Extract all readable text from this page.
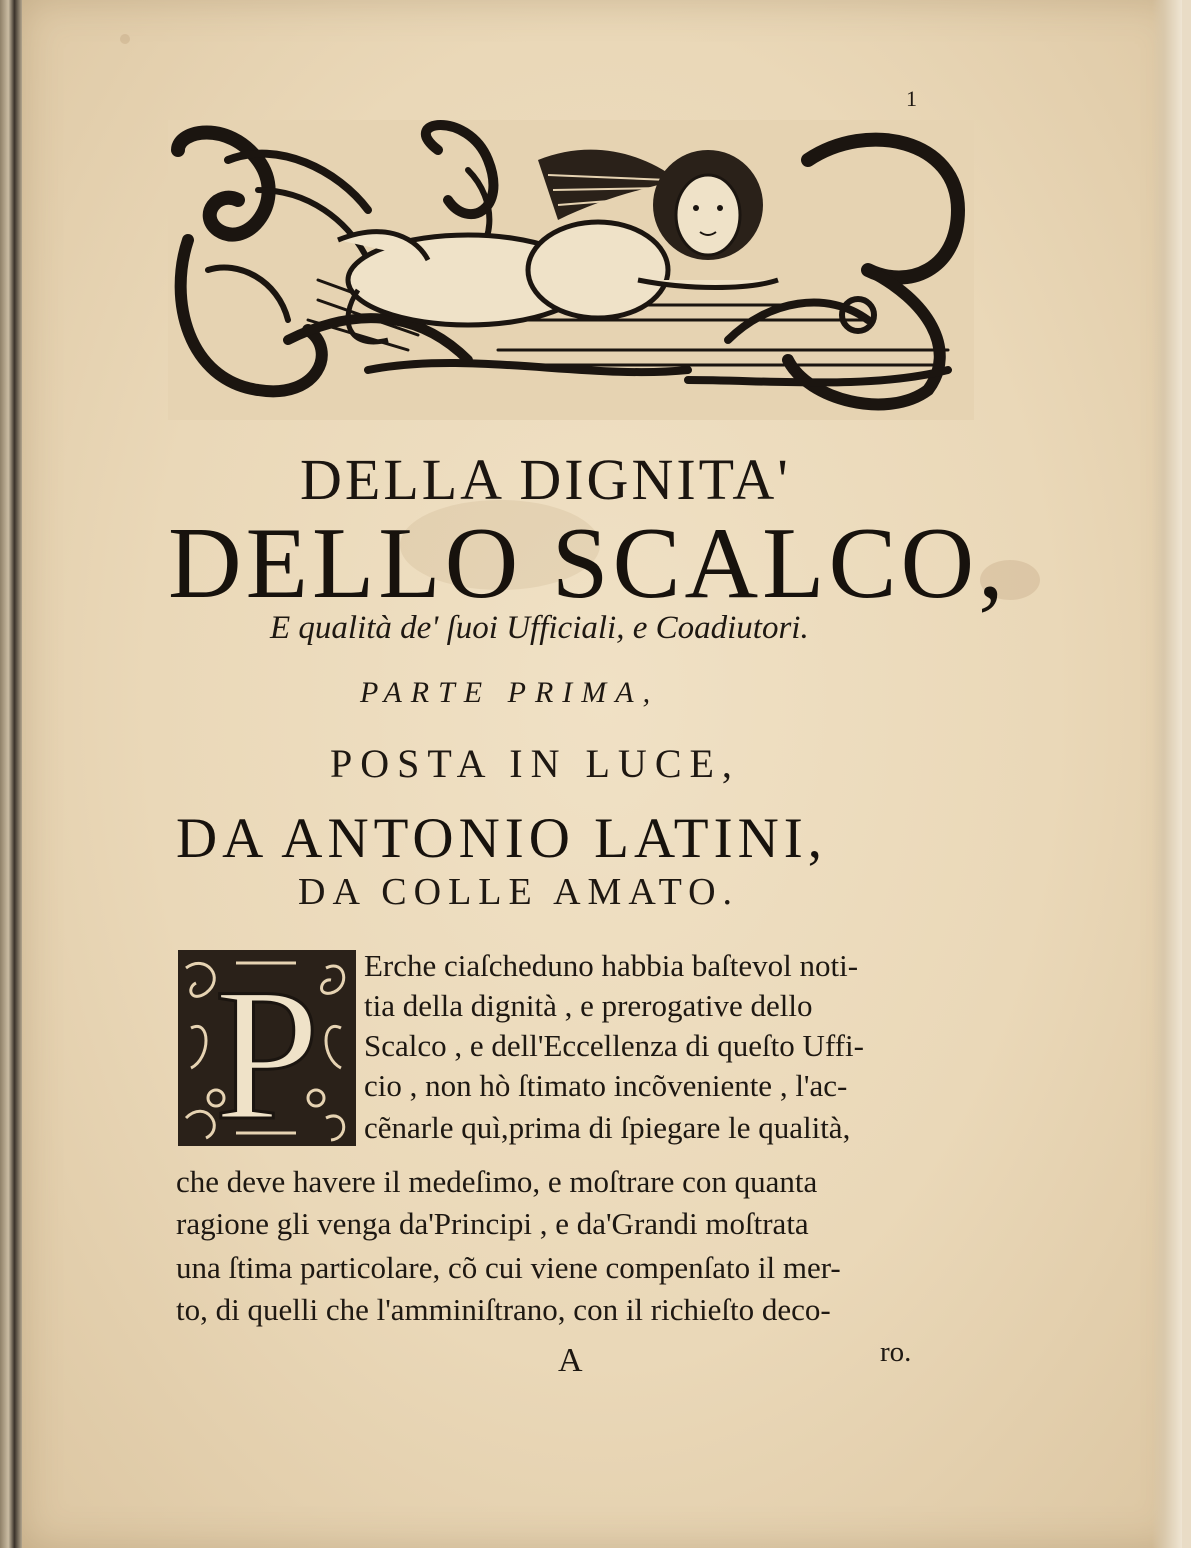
1
DELLA DIGNITA'
DELLO SCALCO,
E qualità de' ſuoi Ufficiali, e Coadiutori.
PARTE PRIMA,
POSTA IN LUCE,
DA ANTONIO LATINI,
DA COLLE AMATO.
P Erche ciaſcheduno habbia baſtevol noti-
tia della dignità , e prerogative dello
Scalco , e dell'Eccellenza di queſto Uffi-
cio , non hò ſtimato incõveniente , l'ac-
cẽnarle quì,prima di ſpiegare le qualità,
che deve havere il medeſimo, e moſtrare con quanta
ragione gli venga da'Principi , e da'Grandi moſtrata
una ſtima particolare, cõ cui viene compenſato il mer-
to, di quelli che l'amminiſtrano, con il richieſto deco-
A	ro.
